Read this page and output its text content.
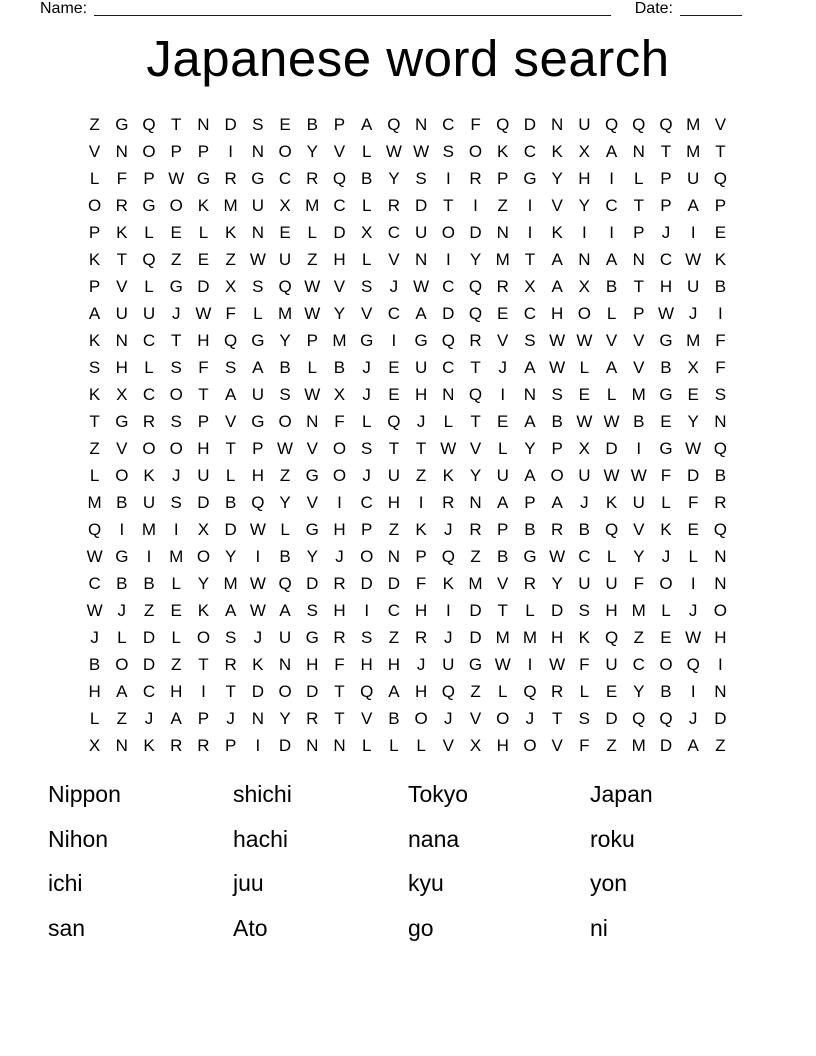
Name:	Date:
Japanese word search
Z G Q T N D S E B P A Q N C F Q D N U Q Q Q M V
V N O P P	I	N O Y V L W W S O K C K X A N T M T
L	F P W G R G C R Q B Y S	I	R P G Y H	I	L P U Q
O R G O K M U X M C L R D T	I	Z	I	V Y C T P A P
P K L E L K N E L D X C U O D N	I	K	I	I	P	J	I	E
K T Q Z E Z W U Z H L V N	I	Y M T A N A N C W K
P V L G D X S Q W V S	J W C Q R X A X B T H U B
A U U J W F	L M W Y V C A D Q E C H O L P W J	I
K N C T H Q G Y P M G	I	G Q R V S W W V V G M F
S H L S F S A B L B	J	E U C T	J	A W L A V B X F
K X C O T A U S W X	J	E H N Q	I	N S E L M G E S
T G R S P V G O N F	L Q J	L	T E A B W W B E Y N
Z V O O H T P W V O S T T W V L Y P X D	I	G W Q
L O K	J U L H Z G O J U Z K Y U A O U W W F D B
M B U S D B Q Y V	I	C H	I	R N A P A	J	K U L	F R
Q	I	M	I	X D W L G H P Z K	J R P B R B Q V K E Q
W G	I	M O Y	I	B Y	J O N P Q Z B G W C L Y	J	L N
C B B L Y M W Q D R D D F K M V R Y U U F O	I	N
W J	Z E K A W A S H	I	C H	I	D T	L D S H M L	J O
J	L D L O S	J U G R S Z R J D M M H K Q Z E W H
B O D Z T R K N H F H H J U G W I W F U C O Q	I
H A C H	I	T D O D T Q A H Q Z	L Q R L E Y B	I	N
L	Z	J	A P	J N Y R T V B O J	V O J	T S D Q Q J D
X N K R R P	I	D N N L	L	L V X H O V F Z M D A Z
Nippon	shichi	Tokyo	Japan
Nihon	hachi	nana	roku
ichi	juu	kyu	yon
san	Ato	go	ni
